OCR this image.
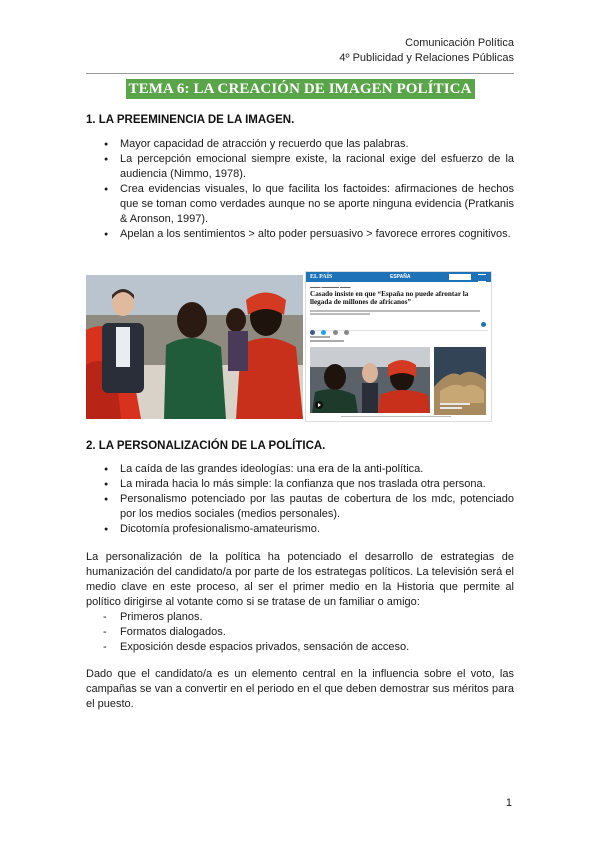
Comunicación Política
4º Publicidad y Relaciones Públicas
TEMA 6: LA CREACIÓN DE IMAGEN POLÍTICA
1. LA PREEMINENCIA DE LA IMAGEN.
● Mayor capacidad de atracción y recuerdo que las palabras.
● La percepción emocional siempre existe, la racional exige del esfuerzo de la audiencia (Nimmo, 1978).
● Crea evidencias visuales, lo que facilita los factoides: afirmaciones de hechos que se toman como verdades aunque no se aporte ninguna evidencia (Pratkanis & Aronson, 1997).
● Apelan a los sentimientos > alto poder persuasivo > favorece errores cognitivos.
EL PAÍS	ESPAÑA
▬▬▬ ▬▬▬▬▬ ▬▬▬
Casado insiste en que “España no puede afrontar la llegada de millones de africanos”

2. LA PERSONALIZACIÓN DE LA POLÍTICA.
● La caída de las grandes ideologías: una era de la anti-política.
● La mirada hacia lo más simple: la confianza que nos traslada otra persona.
● Personalismo potenciado por las pautas de cobertura de los mdc, potenciado por los medios sociales (medios personales).
● Dicotomía profesionalismo-amateurismo.

La personalización de la política ha potenciado el desarrollo de estrategias de humanización del candidato/a por parte de los estrategas políticos. La televisión será el medio clave en este proceso, al ser el primer medio en la Historia que permite al político dirigirse al votante como si se tratase de un familiar o amigo:

- Primeros planos.
- Formatos dialogados.
- Exposición desde espacios privados, sensación de acceso.

Dado que el candidato/a es un elemento central en la influencia sobre el voto, las campañas se van a convertir en el periodo en el que deben demostrar sus méritos para el puesto.

1
